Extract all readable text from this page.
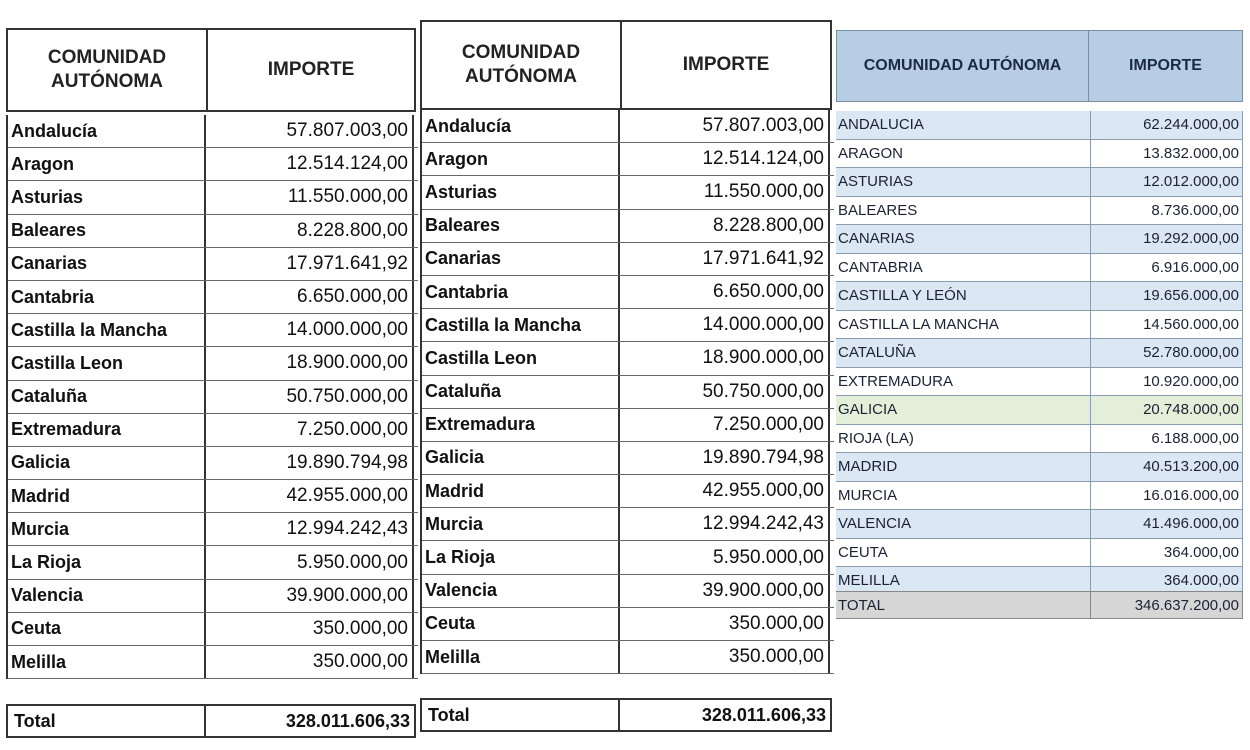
COMUNIDAD AUTÓNOMA
IMPORTE
Andalucía	57.807.003,00
Aragon	12.514.124,00
Asturias	11.550.000,00
Baleares	8.228.800,00
Canarias	17.971.641,92
Cantabria	6.650.000,00
Castilla la Mancha	14.000.000,00
Castilla Leon	18.900.000,00
Cataluña	50.750.000,00
Extremadura	7.250.000,00
Galicia	19.890.794,98
Madrid	42.955.000,00
Murcia	12.994.242,43
La Rioja	5.950.000,00
Valencia	39.900.000,00
Ceuta	350.000,00
Melilla	350.000,00
Total	328.011.606,33
COMUNIDAD AUTÓNOMA
IMPORTE
Andalucía	57.807.003,00
Aragon	12.514.124,00
Asturias	11.550.000,00
Baleares	8.228.800,00
Canarias	17.971.641,92
Cantabria	6.650.000,00
Castilla la Mancha	14.000.000,00
Castilla Leon	18.900.000,00
Cataluña	50.750.000,00
Extremadura	7.250.000,00
Galicia	19.890.794,98
Madrid	42.955.000,00
Murcia	12.994.242,43
La Rioja	5.950.000,00
Valencia	39.900.000,00
Ceuta	350.000,00
Melilla	350.000,00
Total	328.011.606,33
COMUNIDAD AUTÓNOMA	IMPORTE
ANDALUCIA	62.244.000,00
ARAGON	13.832.000,00
ASTURIAS	12.012.000,00
BALEARES	8.736.000,00
CANARIAS	19.292.000,00
CANTABRIA	6.916.000,00
CASTILLA Y LEÓN	19.656.000,00
CASTILLA LA MANCHA	14.560.000,00
CATALUÑA	52.780.000,00
EXTREMADURA	10.920.000,00
GALICIA	20.748.000,00
RIOJA (LA)	6.188.000,00
MADRID	40.513.200,00
MURCIA	16.016.000,00
VALENCIA	41.496.000,00
CEUTA	364.000,00
MELILLA	364.000,00
TOTAL	346.637.200,00
